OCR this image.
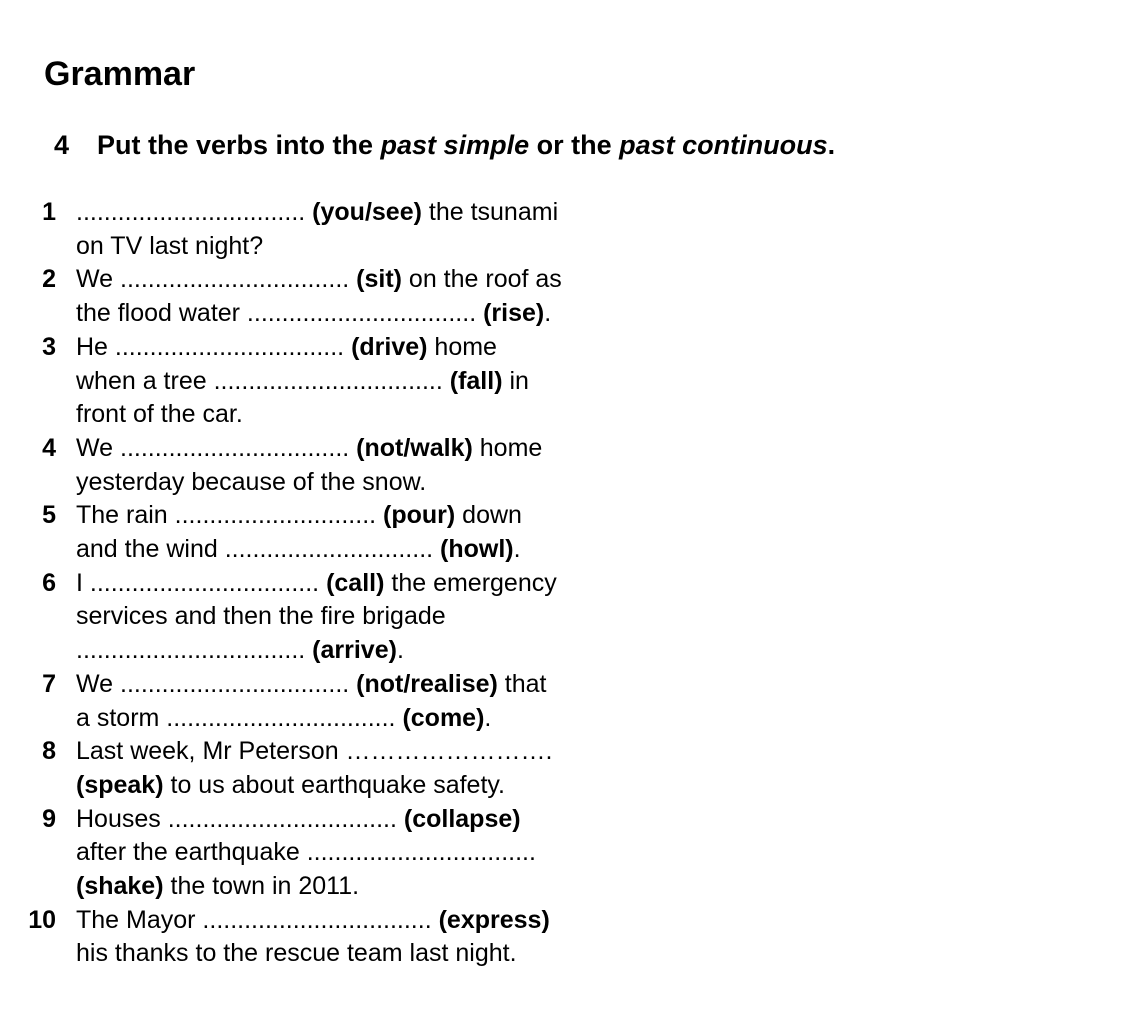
Grammar
4 Put the verbs into the past simple or the past continuous.
1 ................................. (you/see) the tsunami
on TV last night?
2 We ................................. (sit) on the roof as
the flood water ................................. (rise).
3 He ................................. (drive) home
when a tree ................................. (fall) in
front of the car.
4 We ................................. (not/walk) home
yesterday because of the snow.
5 The rain ............................. (pour) down
and the wind .............................. (howl).
6 I ................................. (call) the emergency
services and then the fire brigade
................................. (arrive).
7 We ................................. (not/realise) that
a storm ................................. (come).
8 Last week, Mr Peterson …………………….
(speak) to us about earthquake safety.
9 Houses ................................. (collapse)
after the earthquake .................................
(shake) the town in 2011.
10 The Mayor ................................. (express)
his thanks to the rescue team last night.
